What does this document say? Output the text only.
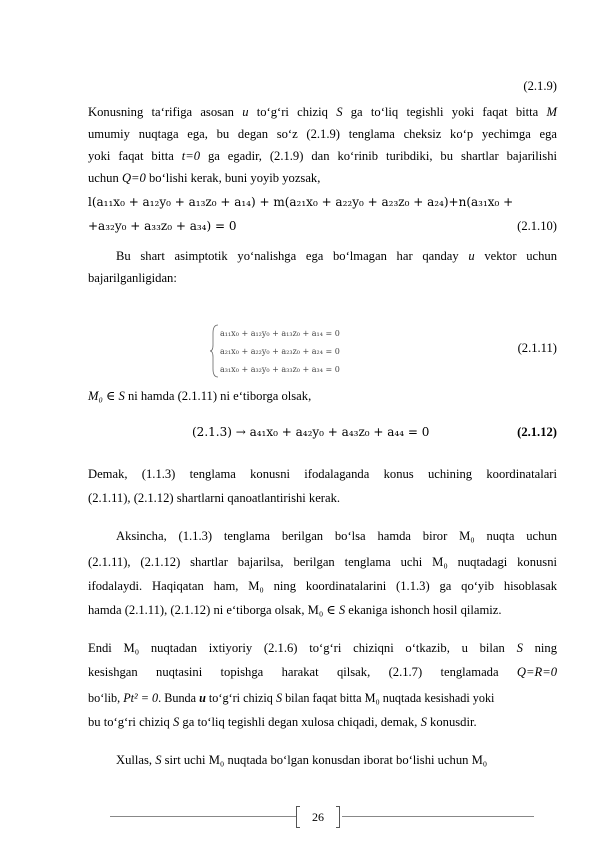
(2.1.9)
Konusning ta‘rifiga asosan u to‘g‘ri chiziq S ga to‘liq tegishli yoki faqat bitta M
umumiy nuqtaga ega, bu degan so‘z (2.1.9) tenglama cheksiz ko‘p yechimga ega
yoki faqat bitta t=0 ga egadir, (2.1.9) dan ko‘rinib turibdiki, bu shartlar bajarilishi
uchun Q=0 bo‘lishi kerak, buni yoyib yozsak,
l(a₁₁x₀ + a₁₂y₀ + a₁₃z₀ + a₁₄) + m(a₂₁x₀ + a₂₂y₀ + a₂₃z₀ + a₂₄)+n(a₃₁x₀ +
+a₃₂y₀ + a₃₃z₀ + a₃₄) = 0	(2.1.10)
Bu shart asimptotik yo‘nalishga ega bo‘lmagan har qanday u vektor uchun
bajarilganligidan:
a₁₁x₀ + a₁₂y₀ + a₁₃z₀ + a₁₄ = 0
a₂₁x₀ + a₂₂y₀ + a₂₃z₀ + a₂₄ = 0
a₃₁x₀ + a₃₂y₀ + a₃₃z₀ + a₃₄ = 0
(2.1.11)
M₀ ∈ S ni hamda (2.1.11) ni e‘tiborga olsak,
(2.1.3) → a₄₁x₀ + a₄₂y₀ + a₄₃z₀ + a₄₄ = 0	(2.1.12)
Demak, (1.1.3) tenglama konusni ifodalaganda konus uchining koordinatalari
(2.1.11), (2.1.12) shartlarni qanoatlantirishi kerak.
Aksincha, (1.1.3) tenglama berilgan bo‘lsa hamda biror M₀ nuqta uchun
(2.1.11), (2.1.12) shartlar bajarilsa, berilgan tenglama uchi M₀ nuqtadagi konusni
ifodalaydi. Haqiqatan ham, M₀ ning koordinatalarini (1.1.3) ga qo‘yib hisoblasak
hamda (2.1.11), (2.1.12) ni e‘tiborga olsak, M₀ ∈ S ekaniga ishonch hosil qilamiz.
Endi M₀ nuqtadan ixtiyoriy (2.1.6) to‘g‘ri chiziqni o‘tkazib, u bilan S ning
kesishgan nuqtasini topishga harakat qilsak, (2.1.7) tenglamada Q=R=0
bo‘lib, Pt² = 0. Bunda u to‘g‘ri chiziq S bilan faqat bitta M₀ nuqtada kesishadi yoki
bu to‘g‘ri chiziq S ga to‘liq tegishli degan xulosa chiqadi, demak, S konusdir.
Xullas, S sirt uchi M₀ nuqtada bo‘lgan konusdan iborat bo‘lishi uchun M₀
26
